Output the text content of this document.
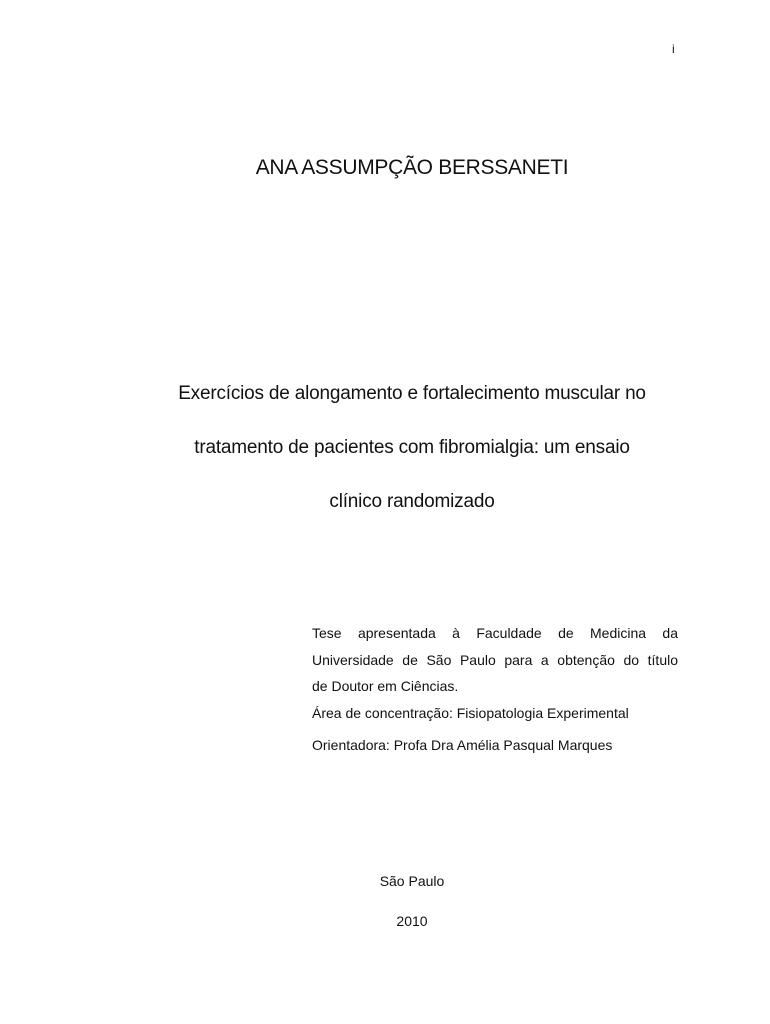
i
ANA ASSUMPÇÃO BERSSANETI
Exercícios de alongamento e fortalecimento muscular no
tratamento de pacientes com fibromialgia: um ensaio
clínico randomizado

Tese apresentada à Faculdade de Medicina da
Universidade de São Paulo para a obtenção do título
de Doutor em Ciências.

Área de concentração: Fisiopatologia Experimental

Orientadora: Profa Dra Amélia Pasqual Marques

São Paulo
2010
